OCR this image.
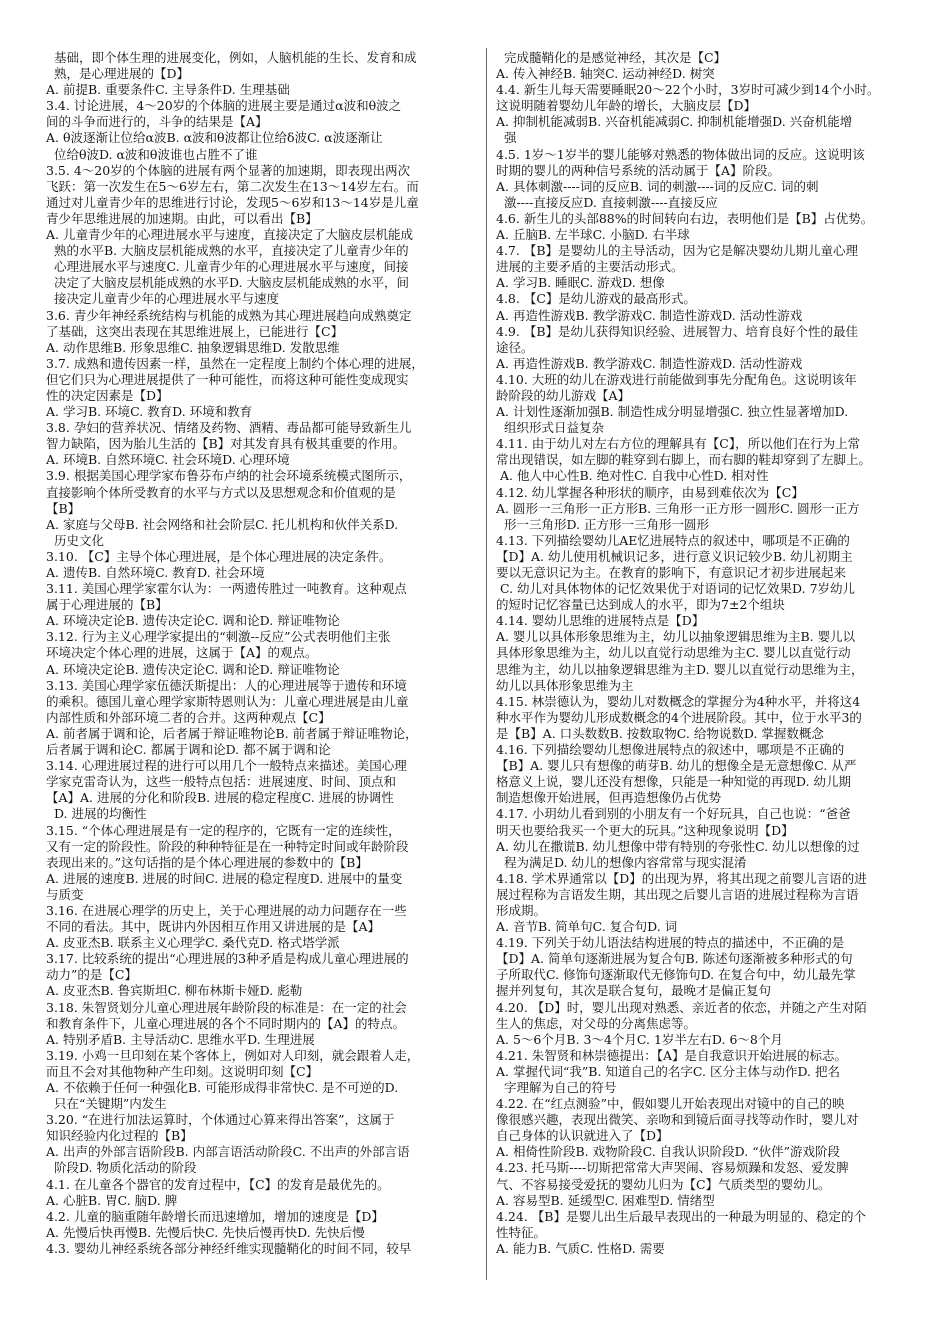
基础，即个体生理的进展变化，例如，人脑机能的生长、发育和成
熟，是心理进展的【D】
A. 前提B. 重要条件C. 主导条件D. 生理基础
3.4. 讨论进展，4～20岁的个体脑的进展主要是通过α波和θ波之
间的斗争而进行的，斗争的结果是【A】
A. θ波逐渐让位给α波B. α波和θ波都让位给δ波C. α波逐渐让
位给θ波D. α波和θ波谁也占胜不了谁
3.5. 4～20岁的个体脑的进展有两个显著的加速期，即表现出两次
飞跃：第一次发生在5～6岁左右，第二次发生在13～14岁左右。而
通过对儿童青少年的思维进行讨论，发现5～6岁和13～14岁是儿童
青少年思维进展的加速期。由此，可以看出【B】
A. 儿童青少年的心理进展水平与速度，直接决定了大脑皮层机能成
熟的水平B. 大脑皮层机能成熟的水平，直接决定了儿童青少年的
心理进展水平与速度C. 儿童青少年的心理进展水平与速度，间接
决定了大脑皮层机能成熟的水平D. 大脑皮层机能成熟的水平，间
接决定儿童青少年的心理进展水平与速度
3.6. 青少年神经系统结构与机能的成熟为其心理进展趋向成熟奠定
了基础，这突出表现在其思维进展上，已能进行【C】
A. 动作思维B. 形象思维C. 抽象逻辑思维D. 发散思维
3.7. 成熟和遗传因素一样，虽然在一定程度上制约个体心理的进展，
但它们只为心理进展提供了一种可能性，而将这种可能性变成现实
性的决定因素是【D】
A. 学习B. 环境C. 教育D. 环境和教育
3.8. 孕妇的营养状况、情绪及药物、酒精、毒品都可能导致新生儿
智力缺陷，因为胎儿生活的【B】对其发育具有极其重要的作用。
A. 环境B. 自然环境C. 社会环境D. 心理环境
3.9. 根据美国心理学家布鲁芬布卢纳的社会环境系统模式图所示，
直接影响个体所受教育的水平与方式以及思想观念和价值观的是
【B】
A. 家庭与父母B. 社会网络和社会阶层C. 托儿机构和伙伴关系D.
历史文化
3.10. 【C】主导个体心理进展，是个体心理进展的决定条件。
A. 遗传B. 自然环境C. 教育D. 社会环境
3.11. 美国心理学家霍尔认为：一两遗传胜过一吨教育。这种观点
属于心理进展的【B】
A. 环境决定论B. 遗传决定论C. 调和论D. 辩证唯物论
3.12. 行为主义心理学家提出的“刺激--反应”公式表明他们主张
环境决定个体心理的进展，这属于【A】的观点。
A. 环境决定论B. 遗传决定论C. 调和论D. 辩证唯物论
3.13. 美国心理学家伍德沃斯提出：人的心理进展等于遗传和环境
的乘积。德国儿童心理学家斯特恩则认为：儿童心理进展是由儿童
内部性质和外部环境二者的合并。这两种观点【C】
A. 前者属于调和论，后者属于辩证唯物论B. 前者属于辩证唯物论，
后者属于调和论C. 都属于调和论D. 都不属于调和论
3.14. 心理进展过程的进行可以用几个一般特点来描述。美国心理
学家克雷奇认为，这些一般特点包括：进展速度、时间、顶点和
【A】A. 进展的分化和阶段B. 进展的稳定程度C. 进展的协调性
D. 进展的均衡性
3.15. “个体心理进展是有一定的程序的，它既有一定的连续性，
又有一定的阶段性。阶段的种种特征是在一种特定时间或年龄阶段
表现出来的。”这句话指的是个体心理进展的参数中的【B】
A. 进展的速度B. 进展的时间C. 进展的稳定程度D. 进展中的量变
与质变
3.16. 在进展心理学的历史上，关于心理进展的动力问题存在一些
不同的看法。其中，既讲内外因相互作用又讲进展的是【A】
A. 皮亚杰B. 联系主义心理学C. 桑代克D. 格式塔学派
3.17. 比较系统的提出“心理进展的3种矛盾是构成儿童心理进展的
动力”的是【C】
A. 皮亚杰B. 鲁宾斯坦C. 柳布林斯卡娅D. 彪勒
3.18. 朱智贤划分儿童心理进展年龄阶段的标准是：在一定的社会
和教育条件下，儿童心理进展的各个不同时期内的【A】的特点。
A. 特别矛盾B. 主导活动C. 思维水平D. 生理进展
3.19. 小鸡一旦印刻在某个客体上，例如对人印刻，就会跟着人走，
而且不会对其他物种产生印刻。这说明印刻【C】
A. 不依赖于任何一种强化B. 可能形成得非常快C. 是不可逆的D.
只在“关键期”内发生
3.20. “在进行加法运算时，个体通过心算来得出答案”，这属于
知识经验内化过程的【B】
A. 出声的外部言语阶段B. 内部言语活动阶段C. 不出声的外部言语
阶段D. 物质化活动的阶段
4.1. 在儿童各个器官的发育过程中，【C】的发育是最优先的。
A. 心脏B. 胃C. 脑D. 脾
4.2. 儿童的脑重随年龄增长而迅速增加，增加的速度是【D】
A. 先慢后快再慢B. 先慢后快C. 先快后慢再快D. 先快后慢
4.3. 婴幼儿神经系统各部分神经纤维实现髓鞘化的时间不同，较早
完成髓鞘化的是感觉神经，其次是【C】
A. 传入神经B. 轴突C. 运动神经D. 树突
4.4. 新生儿每天需要睡眠20～22个小时，3岁时可减少到14个小时。
这说明随着婴幼儿年龄的增长，大脑皮层【D】
A. 抑制机能减弱B. 兴奋机能减弱C. 抑制机能增强D. 兴奋机能增
强
4.5. 1岁～1岁半的婴儿能够对熟悉的物体做出词的反应。这说明该
时期的婴儿的两种信号系统的活动属于【A】阶段。
A. 具体刺激----词的反应B. 词的刺激----词的反应C. 词的刺
激----直接反应D. 直接刺激----直接反应
4.6. 新生儿的头部88%的时间转向右边，表明他们是【B】占优势。
A. 丘脑B. 左半球C. 小脑D. 右半球
4.7. 【B】是婴幼儿的主导活动，因为它是解决婴幼儿期儿童心理
进展的主要矛盾的主要活动形式。
A. 学习B. 睡眠C. 游戏D. 想像
4.8. 【C】是幼儿游戏的最高形式。
A. 再造性游戏B. 教学游戏C. 制造性游戏D. 活动性游戏
4.9. 【B】是幼儿获得知识经验、进展智力、培育良好个性的最佳
途径。
A. 再造性游戏B. 教学游戏C. 制造性游戏D. 活动性游戏
4.10. 大班的幼儿在游戏进行前能做到事先分配角色。这说明该年
龄阶段的幼儿游戏【A】
A. 计划性逐渐加强B. 制造性成分明显增强C. 独立性显著增加D.
组织形式日益复杂
4.11. 由于幼儿对左右方位的理解具有【C】，所以他们在行为上常
常出现错误，如左脚的鞋穿到右脚上，而右脚的鞋却穿到了左脚上。
A. 他人中心性B. 绝对性C. 自我中心性D. 相对性
4.12. 幼儿掌握各种形状的顺序，由易到难依次为【C】
A. 圆形一三角形一正方形B. 三角形一正方形一圆形C. 圆形一正方
形一三角形D. 正方形一三角形一圆形
4.13. 下列描绘婴幼儿AE忆进展特点的叙述中，哪项是不正确的
【D】A. 幼儿使用机械识记多，进行意义识记较少B. 幼儿初期主
要以无意识记为主。在教育的影响下，有意识记才初步进展起来
C. 幼儿对具体物体的记忆效果优于对语词的记忆效果D. 7岁幼儿
的短时记忆容量已达到成人的水平，即为7±2个组块
4.14. 婴幼儿思维的进展特点是【D】
A. 婴儿以具体形象思维为主，幼儿以抽象逻辑思维为主B. 婴儿以
具体形象思维为主，幼儿以直觉行动思维为主C. 婴儿以直觉行动
思维为主，幼儿以抽象逻辑思维为主D. 婴儿以直觉行动思维为主，
幼儿以具体形象思维为主
4.15. 林崇德认为，婴幼儿对数概念的掌握分为4种水平，并将这4
种水平作为婴幼儿形成数概念的4个进展阶段。其中，位于水平3的
是【B】A. 口头数数B. 按数取物C. 给物说数D. 掌握数概念
4.16. 下列描绘婴幼儿想像进展特点的叙述中，哪项是不正确的
【B】A. 婴儿只有想像的萌芽B. 幼儿的想像全是无意想像C. 从严
格意义上说，婴儿还没有想像，只能是一种知觉的再现D. 幼儿期
制造想像开始进展，但再造想像仍占优势
4.17. 小玥幼儿看到别的小朋友有一个好玩具，自己也说：“爸爸
明天也要给我买一个更大的玩具。”这种现象说明【D】
A. 幼儿在撒谎B. 幼儿想像中带有特别的夸张性C. 幼儿以想像的过
程为满足D. 幼儿的想像内容常常与现实混淆
4.18. 学术界通常以【D】的出现为界，将其出现之前婴儿言语的进
展过程称为言语发生期，其出现之后婴儿言语的进展过程称为言语
形成期。
A. 音节B. 简单句C. 复合句D. 词
4.19. 下列关于幼儿语法结构进展的特点的描述中，不正确的是
【D】A. 简单句逐渐进展为复合句B. 陈述句逐渐被多种形式的句
子所取代C. 修饰句逐渐取代无修饰句D. 在复合句中，幼儿最先掌
握并列复句，其次是联合复句，最晚才是偏正复句
4.20. 【D】时，婴儿出现对熟悉、亲近者的依恋，并随之产生对陌
生人的焦虑，对父母的分离焦虑等。
A. 5～6个月B. 3～4个月C. 1岁半左右D. 6～8个月
4.21. 朱智贤和林崇德提出：【A】是自我意识开始进展的标志。
A. 掌握代词“我”B. 知道自己的名字C. 区分主体与动作D. 把名
字理解为自己的符号
4.22. 在“红点测验”中，假如婴儿开始表现出对镜中的自己的映
像很感兴趣，表现出微笑、亲吻和到镜后面寻找等动作时，婴儿对
自己身体的认识就进入了【D】
A. 相倚性阶段B. 戏物阶段C. 自我认识阶段D. “伙伴”游戏阶段
4.23. 托马斯----切斯把常常大声哭闹、容易烦躁和发怒、爱发脾
气、不容易接受爱抚的婴幼儿归为【C】气质类型的婴幼儿。
A. 容易型B. 延缓型C. 困难型D. 情绪型
4.24. 【B】是婴儿出生后最早表现出的一种最为明显的、稳定的个
性特征。
A. 能力B. 气质C. 性格D. 需要
